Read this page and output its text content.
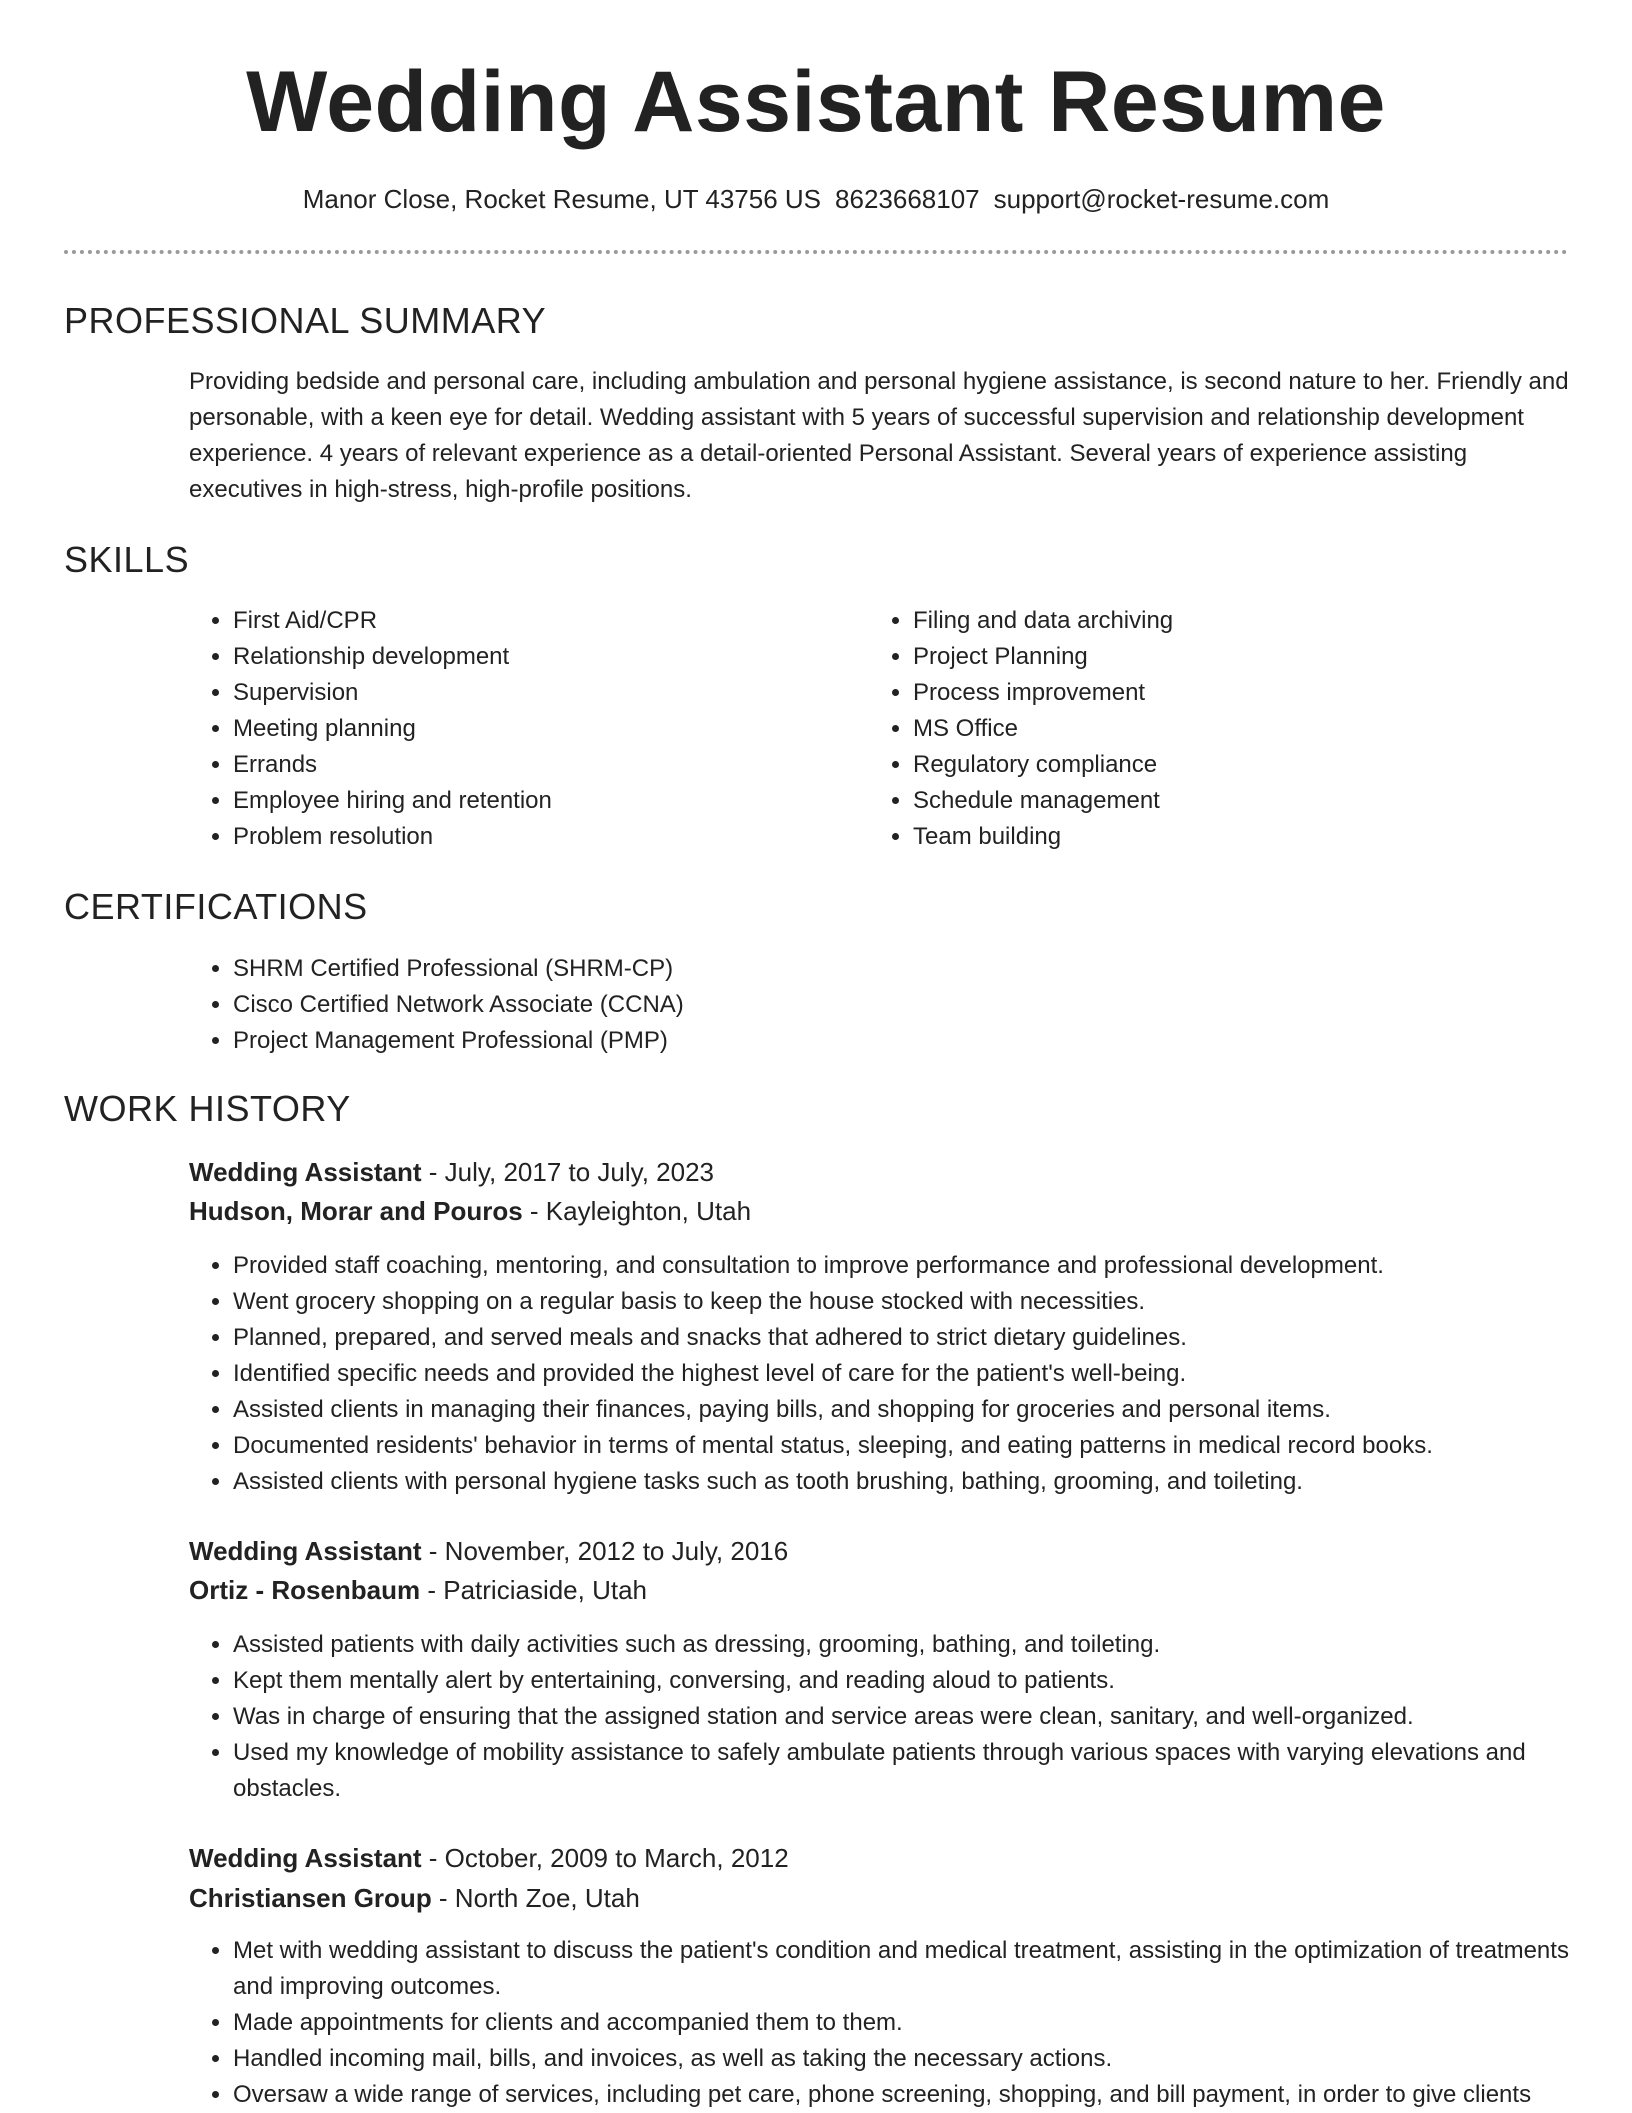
Wedding Assistant Resume
Manor Close, Rocket Resume, UT 43756 US 8623668107 support@rocket-resume.com
PROFESSIONAL SUMMARY

Providing bedside and personal care, including ambulation and personal hygiene assistance, is second nature to her. Friendly and personable, with a keen eye for detail. Wedding assistant with 5 years of successful supervision and relationship development experience. 4 years of relevant experience as a detail-oriented Personal Assistant. Several years of experience assisting executives in high-stress, high-profile positions.

SKILLS
• First Aid/CPR
• Relationship development
• Supervision
• Meeting planning
• Errands
• Employee hiring and retention
• Problem resolution
• Filing and data archiving
• Project Planning
• Process improvement
• MS Office
• Regulatory compliance
• Schedule management
• Team building
CERTIFICATIONS
• SHRM Certified Professional (SHRM-CP)
• Cisco Certified Network Associate (CCNA)
• Project Management Professional (PMP)
WORK HISTORY
Wedding Assistant - July, 2017 to July, 2023
Hudson, Morar and Pouros - Kayleighton, Utah
• Provided staff coaching, mentoring, and consultation to improve performance and professional development.
• Went grocery shopping on a regular basis to keep the house stocked with necessities.
• Planned, prepared, and served meals and snacks that adhered to strict dietary guidelines.
• Identified specific needs and provided the highest level of care for the patient's well-being.
• Assisted clients in managing their finances, paying bills, and shopping for groceries and personal items.
• Documented residents' behavior in terms of mental status, sleeping, and eating patterns in medical record books.
• Assisted clients with personal hygiene tasks such as tooth brushing, bathing, grooming, and toileting.
Wedding Assistant - November, 2012 to July, 2016
Ortiz - Rosenbaum - Patriciaside, Utah
• Assisted patients with daily activities such as dressing, grooming, bathing, and toileting.
• Kept them mentally alert by entertaining, conversing, and reading aloud to patients.
• Was in charge of ensuring that the assigned station and service areas were clean, sanitary, and well-organized.
• Used my knowledge of mobility assistance to safely ambulate patients through various spaces with varying elevations and obstacles.
Wedding Assistant - October, 2009 to March, 2012
Christiansen Group - North Zoe, Utah
• Met with wedding assistant to discuss the patient's condition and medical treatment, assisting in the optimization of treatments and improving outcomes.
• Made appointments for clients and accompanied them to them.
• Handled incoming mail, bills, and invoices, as well as taking the necessary actions.
• Oversaw a wide range of services, including pet care, phone screening, shopping, and bill payment, in order to give clients
